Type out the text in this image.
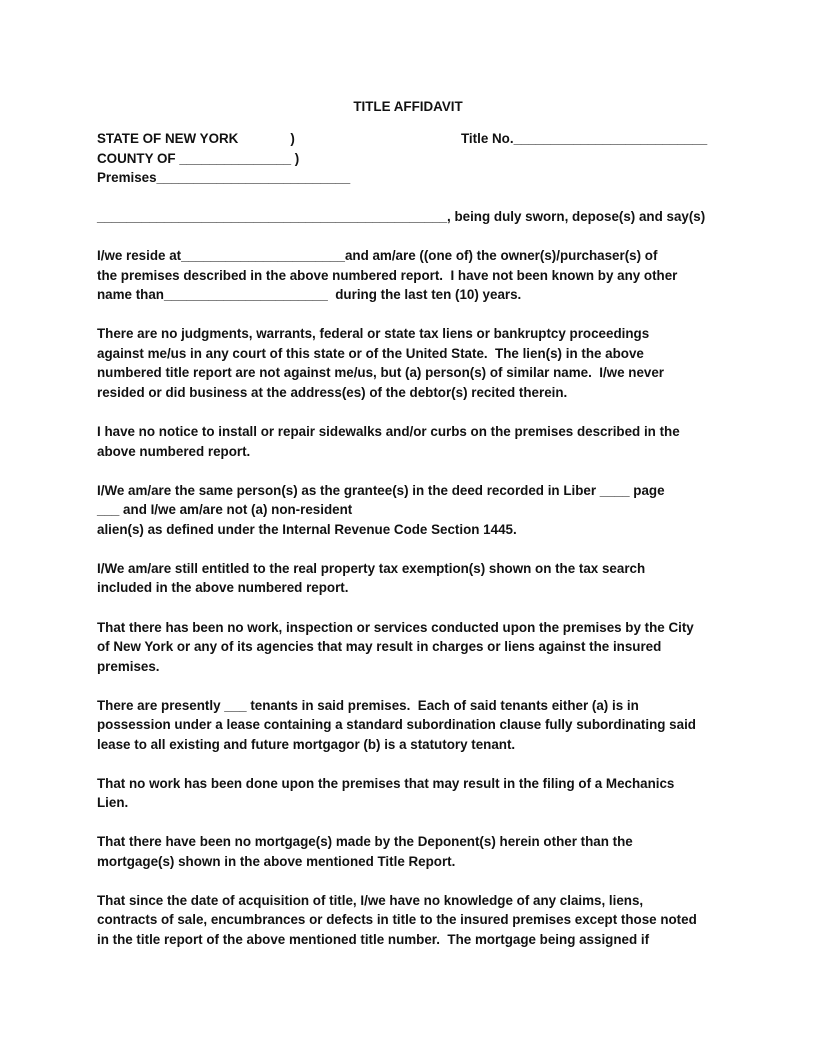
TITLE AFFIDAVIT
STATE OF NEW YORK              )	Title No.__________________________
COUNTY OF _______________ )
Premises__________________________
_______________________________________________, being duly sworn, depose(s) and say(s)
I/we reside at______________________and am/are ((one of) the owner(s)/purchaser(s) of
the premises described in the above numbered report.  I have not been known by any other
name than______________________  during the last ten (10) years.
There are no judgments, warrants, federal or state tax liens or bankruptcy proceedings
against me/us in any court of this state or of the United State.  The lien(s) in the above
numbered title report are not against me/us, but (a) person(s) of similar name.  I/we never
resided or did business at the address(es) of the debtor(s) recited therein.
I have no notice to install or repair sidewalks and/or curbs on the premises described in the
above numbered report.
I/We am/are the same person(s) as the grantee(s) in the deed recorded in Liber ____ page
___ and I/we am/are not (a) non-resident
alien(s) as defined under the Internal Revenue Code Section 1445.
I/We am/are still entitled to the real property tax exemption(s) shown on the tax search
included in the above numbered report.
That there has been no work, inspection or services conducted upon the premises by the City
of New York or any of its agencies that may result in charges or liens against the insured
premises.
There are presently ___ tenants in said premises.  Each of said tenants either (a) is in
possession under a lease containing a standard subordination clause fully subordinating said
lease to all existing and future mortgagor (b) is a statutory tenant.
That no work has been done upon the premises that may result in the filing of a Mechanics
Lien.
That there have been no mortgage(s) made by the Deponent(s) herein other than the
mortgage(s) shown in the above mentioned Title Report.
That since the date of acquisition of title, I/we have no knowledge of any claims, liens,
contracts of sale, encumbrances or defects in title to the insured premises except those noted
in the title report of the above mentioned title number.  The mortgage being assigned if
